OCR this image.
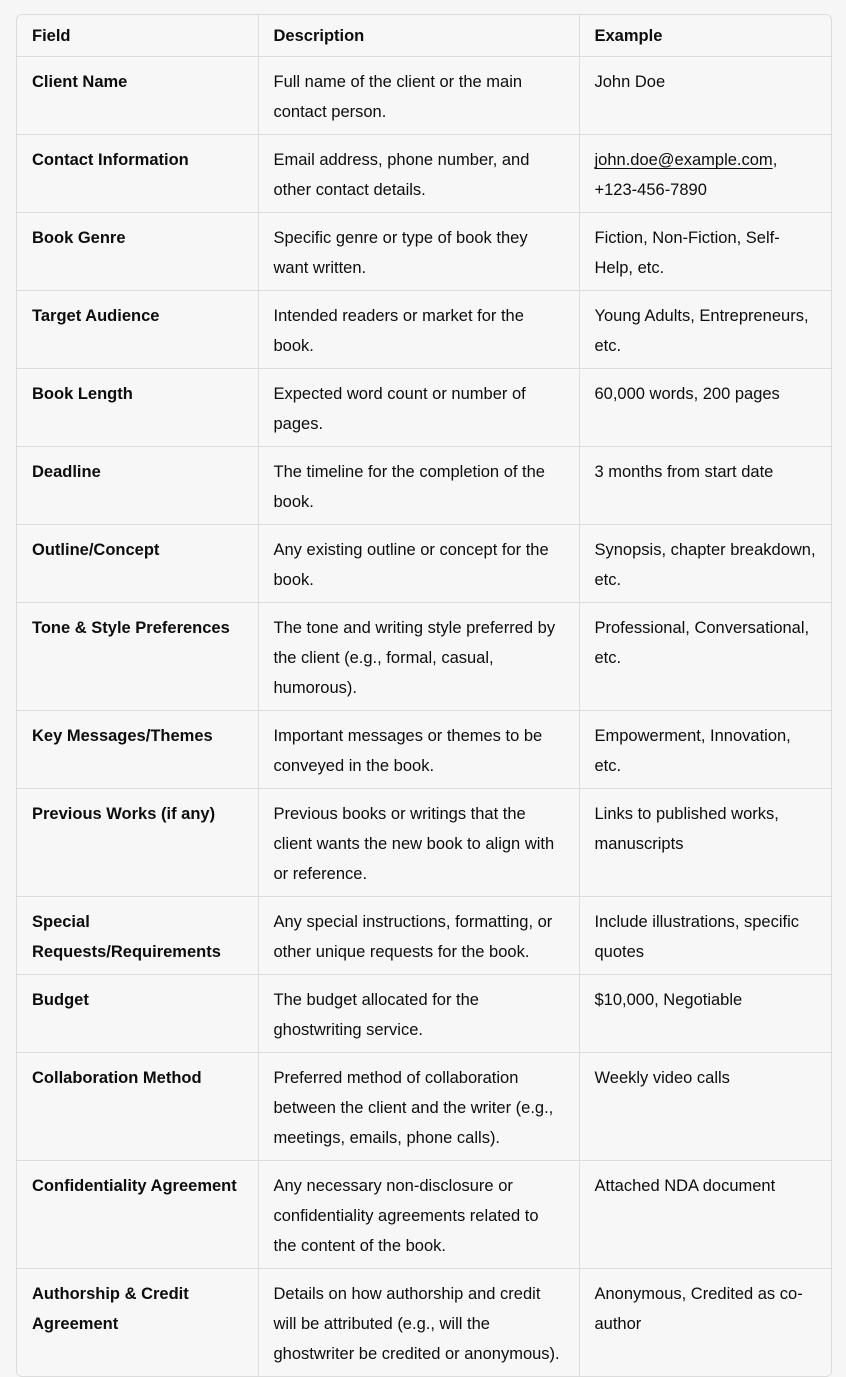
Field	Description	Example
Client Name	Full name of the client or the main contact person.	John Doe
Contact Information	Email address, phone number, and other contact details.	john.doe@example.com, +123-456-7890
Book Genre	Specific genre or type of book they want written.	Fiction, Non-Fiction, Self-Help, etc.
Target Audience	Intended readers or market for the book.	Young Adults, Entrepreneurs, etc.
Book Length	Expected word count or number of pages.	60,000 words, 200 pages
Deadline	The timeline for the completion of the book.	3 months from start date
Outline/Concept	Any existing outline or concept for the book.	Synopsis, chapter breakdown, etc.
Tone & Style Preferences	The tone and writing style preferred by the client (e.g., formal, casual, humorous).	Professional, Conversational, etc.
Key Messages/Themes	Important messages or themes to be conveyed in the book.	Empowerment, Innovation, etc.
Previous Works (if any)	Previous books or writings that the client wants the new book to align with or reference.	Links to published works, manuscripts
Special Requests/Requirements	Any special instructions, formatting, or other unique requests for the book.	Include illustrations, specific quotes
Budget	The budget allocated for the ghostwriting service.	$10,000, Negotiable
Collaboration Method	Preferred method of collaboration between the client and the writer (e.g., meetings, emails, phone calls).	Weekly video calls
Confidentiality Agreement	Any necessary non-disclosure or confidentiality agreements related to the content of the book.	Attached NDA document
Authorship & Credit Agreement	Details on how authorship and credit will be attributed (e.g., will the ghostwriter be credited or anonymous).	Anonymous, Credited as co-author
